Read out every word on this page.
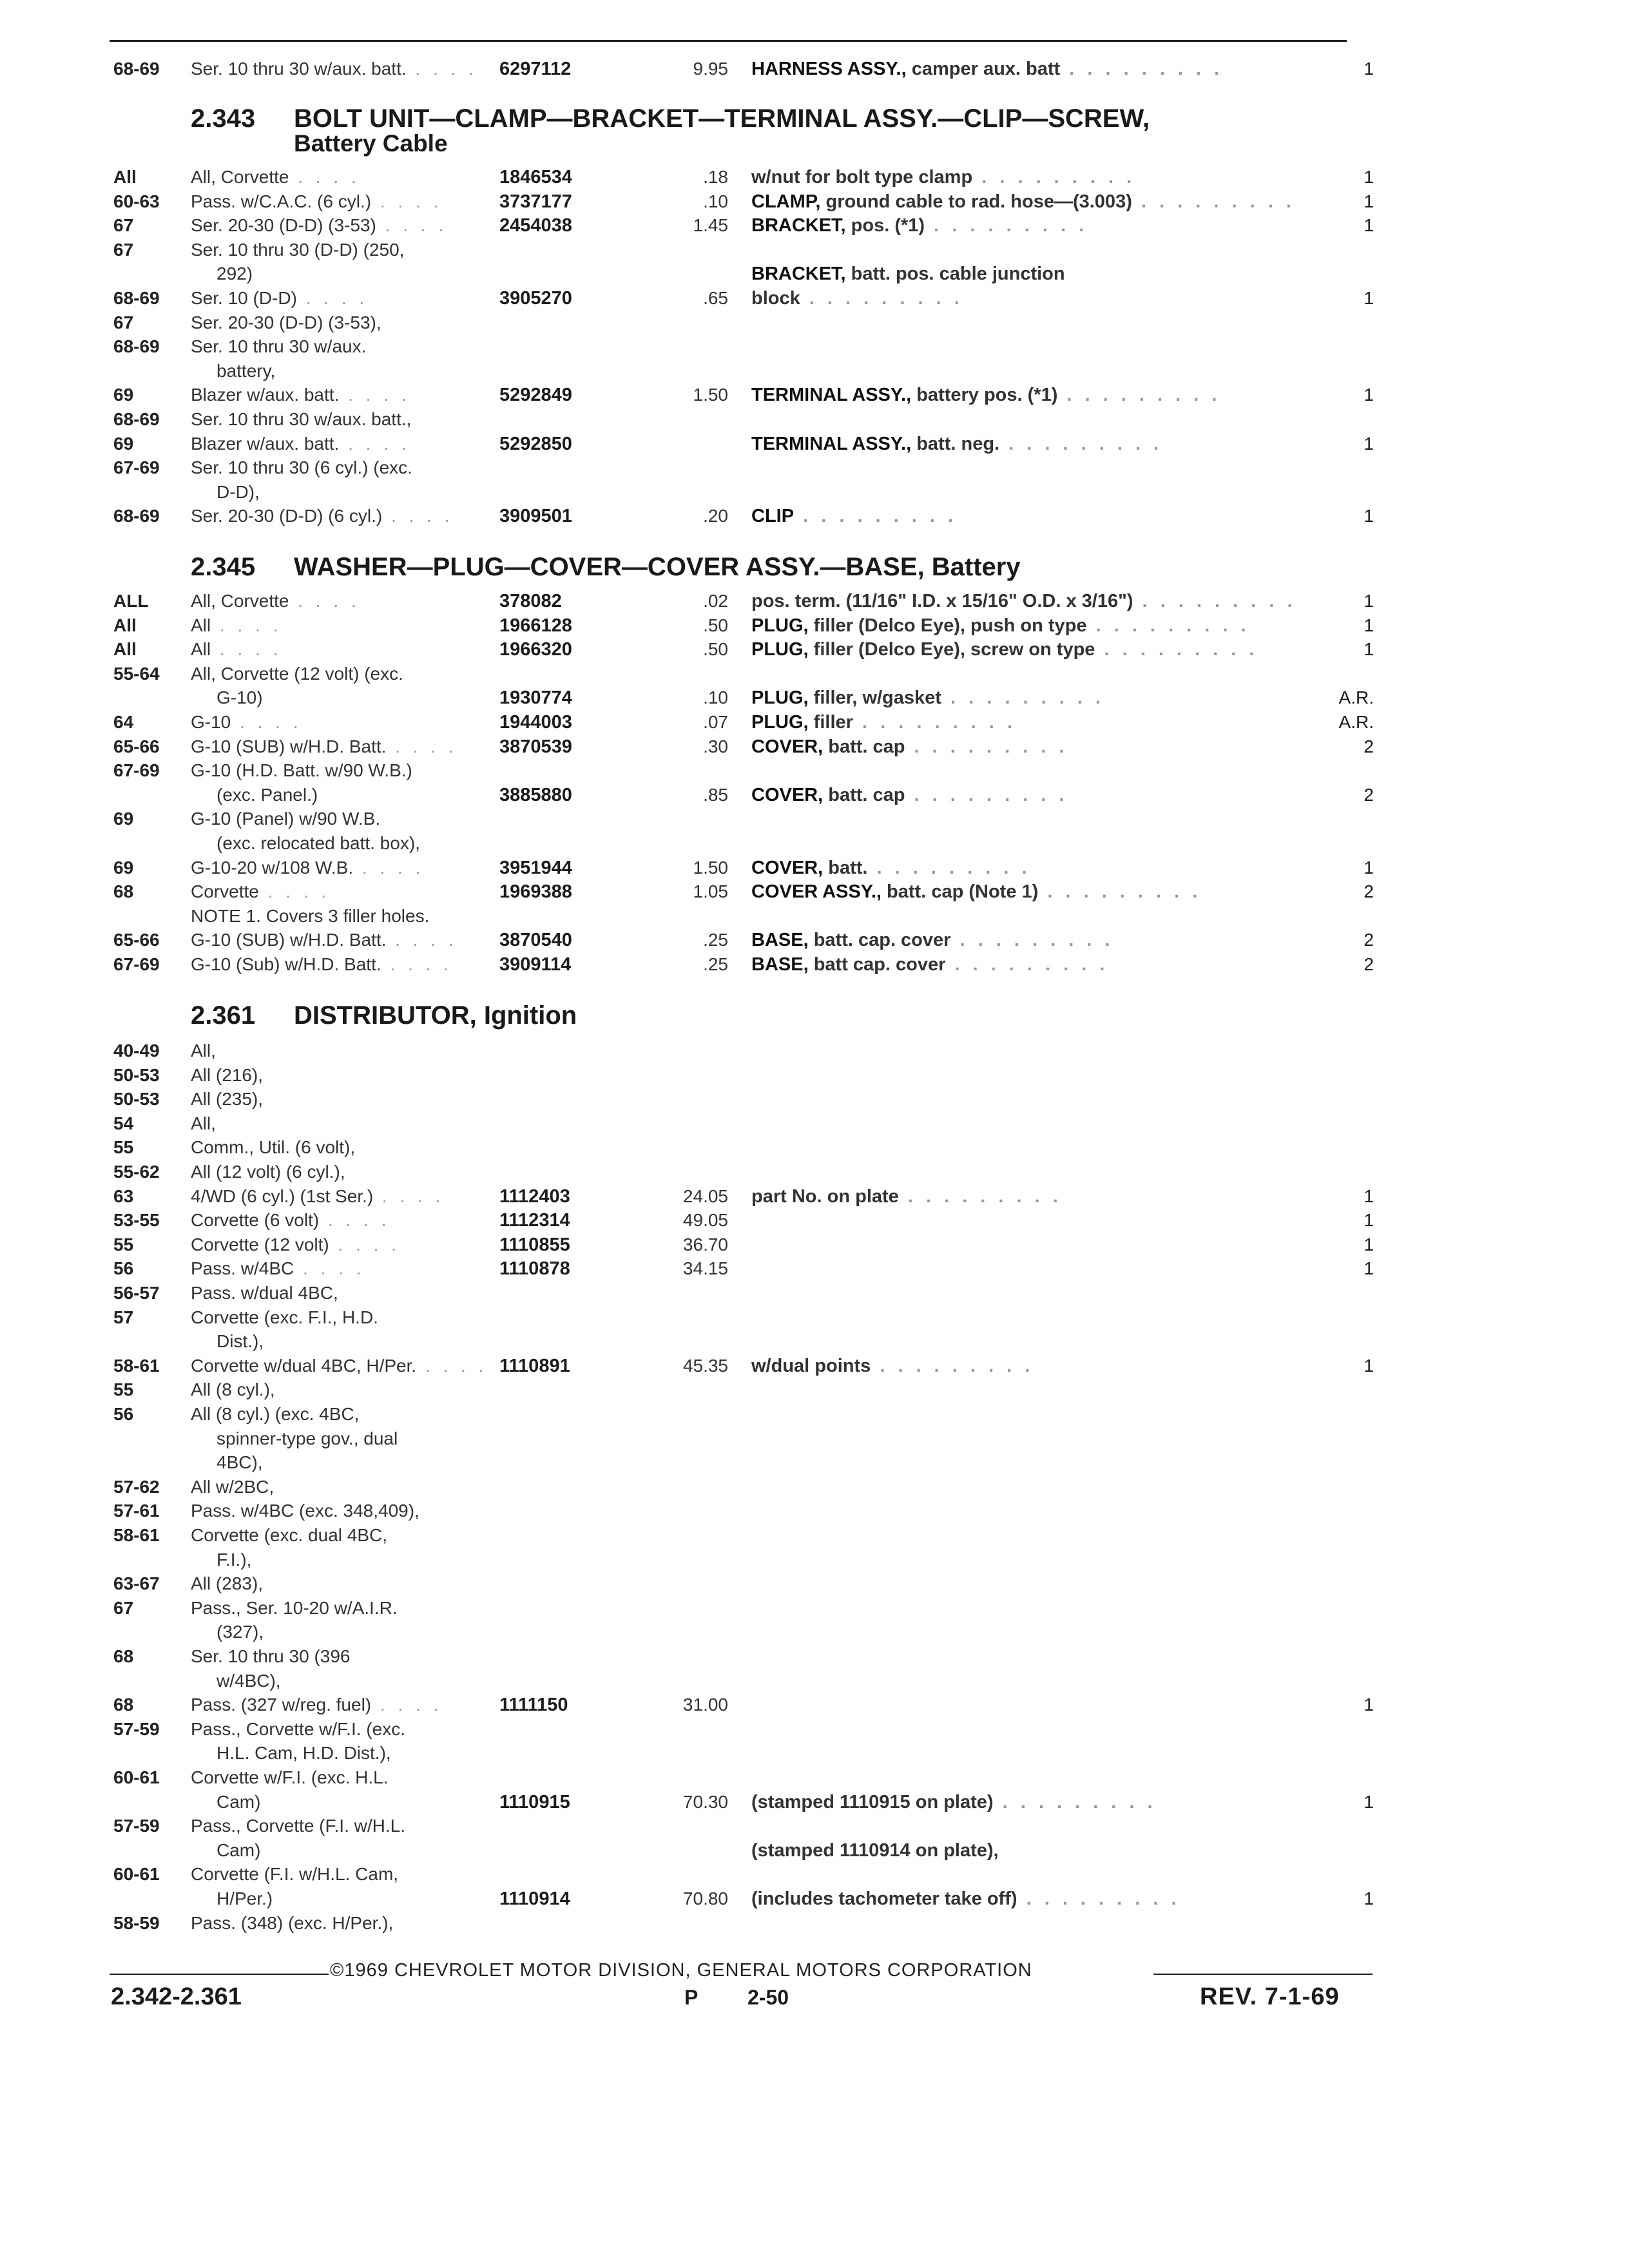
68-69 Ser. 10 thru 30 w/aux. batt. . . . . 6297112	9.95 HARNESS ASSY., camper aux. batt . . . . . . . . .	1
2.343 BOLT UNIT—CLAMP—BRACKET—TERMINAL ASSY.—CLIP—SCREW,
Battery Cable
All	All, Corvette . . . .	1846534	.18 w/nut for bolt type clamp . . . . . . . . .	1
60-63 Pass. w/C.A.C. (6 cyl.) . . . .	3737177	.10 CLAMP, ground cable to rad. hose—(3.003) . . . . . . . . .	1
67	Ser. 20-30 (D-D) (3-53) . . . .	2454038	1.45 BRACKET, pos. (*1) . . . . . . . . .	1
67	Ser. 10 thru 30 (D-D) (250,
292)	BRACKET, batt. pos. cable junction
68-69 Ser. 10 (D-D) . . . .	3905270	.65 block . . . . . . . . .	1
67	Ser. 20-30 (D-D) (3-53),
68-69 Ser. 10 thru 30 w/aux.
battery,
69	Blazer w/aux. batt. . . . .	5292849	1.50 TERMINAL ASSY., battery pos. (*1) . . . . . . . . .	1
68-69 Ser. 10 thru 30 w/aux. batt.,
69	Blazer w/aux. batt. . . . .	5292850	TERMINAL ASSY., batt. neg. . . . . . . . . .	1
67-69 Ser. 10 thru 30 (6 cyl.) (exc.
D-D),
68-69 Ser. 20-30 (D-D) (6 cyl.) . . . . 3909501	.20 CLIP . . . . . . . . .	1
2.345 WASHER—PLUG—COVER—COVER ASSY.—BASE, Battery
ALL All, Corvette . . . .	378082	.02 pos. term. (11/16" I.D. x 15/16" O.D. x 3/16") . . . . . . . . .	1
All	All . . . .	1966128	.50 PLUG, filler (Delco Eye), push on type . . . . . . . . .	1
All	All . . . .	1966320	.50 PLUG, filler (Delco Eye), screw on type . . . . . . . . .	1
55-64 All, Corvette (12 volt) (exc.
G-10)	1930774	.10 PLUG, filler, w/gasket . . . . . . . . .	A.R.
64	G-10 . . . .	1944003	.07 PLUG, filler . . . . . . . . .	A.R.
65-66 G-10 (SUB) w/H.D. Batt. . . . . 3870539	.30 COVER, batt. cap . . . . . . . . .	2
67-69 G-10 (H.D. Batt. w/90 W.B.)
(exc. Panel.)	3885880	.85 COVER, batt. cap . . . . . . . . .	2
69	G-10 (Panel) w/90 W.B.
(exc. relocated batt. box),
69	G-10-20 w/108 W.B. . . . .	3951944	1.50 COVER, batt. . . . . . . . . .	1
68	Corvette . . . .	1969388	1.05 COVER ASSY., batt. cap (Note 1) . . . . . . . . .	2
NOTE 1. Covers 3 filler holes.
65-66 G-10 (SUB) w/H.D. Batt. . . . . 3870540	.25 BASE, batt. cap. cover . . . . . . . . .	2
67-69 G-10 (Sub) w/H.D. Batt. . . . .	3909114	.25 BASE, batt cap. cover . . . . . . . . .	2
2.361 DISTRIBUTOR, Ignition
40-49 All,
50-53 All (216),
50-53 All (235),
54	All,
55	Comm., Util. (6 volt),
55-62 All (12 volt) (6 cyl.),
63	4/WD (6 cyl.) (1st Ser.) . . . .	1112403	24.05 part No. on plate . . . . . . . . .	1
53-55 Corvette (6 volt) . . . .	1112314	49.05	1
55	Corvette (12 volt) . . . .	1110855	36.70	1
56	Pass. w/4BC . . . .	1110878	34.15	1
56-57 Pass. w/dual 4BC,
57	Corvette (exc. F.I., H.D.
Dist.),
58-61 Corvette w/dual 4BC, H/Per. . . . . 1110891	45.35 w/dual points . . . . . . . . .	1
55	All (8 cyl.),
56	All (8 cyl.) (exc. 4BC,
spinner-type gov., dual
4BC),
57-62 All w/2BC,
57-61 Pass. w/4BC (exc. 348,409),
58-61 Corvette (exc. dual 4BC,
F.I.),
63-67 All (283),
67	Pass., Ser. 10-20 w/A.I.R.
(327),
68	Ser. 10 thru 30 (396
w/4BC),
68	Pass. (327 w/reg. fuel) . . . .	1111150	31.00	1
57-59 Pass., Corvette w/F.I. (exc.
H.L. Cam, H.D. Dist.),
60-61 Corvette w/F.I. (exc. H.L.
Cam)	1110915	70.30 (stamped 1110915 on plate) . . . . . . . . .	1
57-59 Pass., Corvette (F.I. w/H.L.
Cam)	(stamped 1110914 on plate),
60-61 Corvette (F.I. w/H.L. Cam,
H/Per.)	1110914	70.80 (includes tachometer take off) . . . . . . . . .	1
58-59 Pass. (348) (exc. H/Per.),
©1969 CHEVROLET MOTOR DIVISION, GENERAL MOTORS CORPORATION
2.342-2.361	P 2-50	REV. 7-1-69
